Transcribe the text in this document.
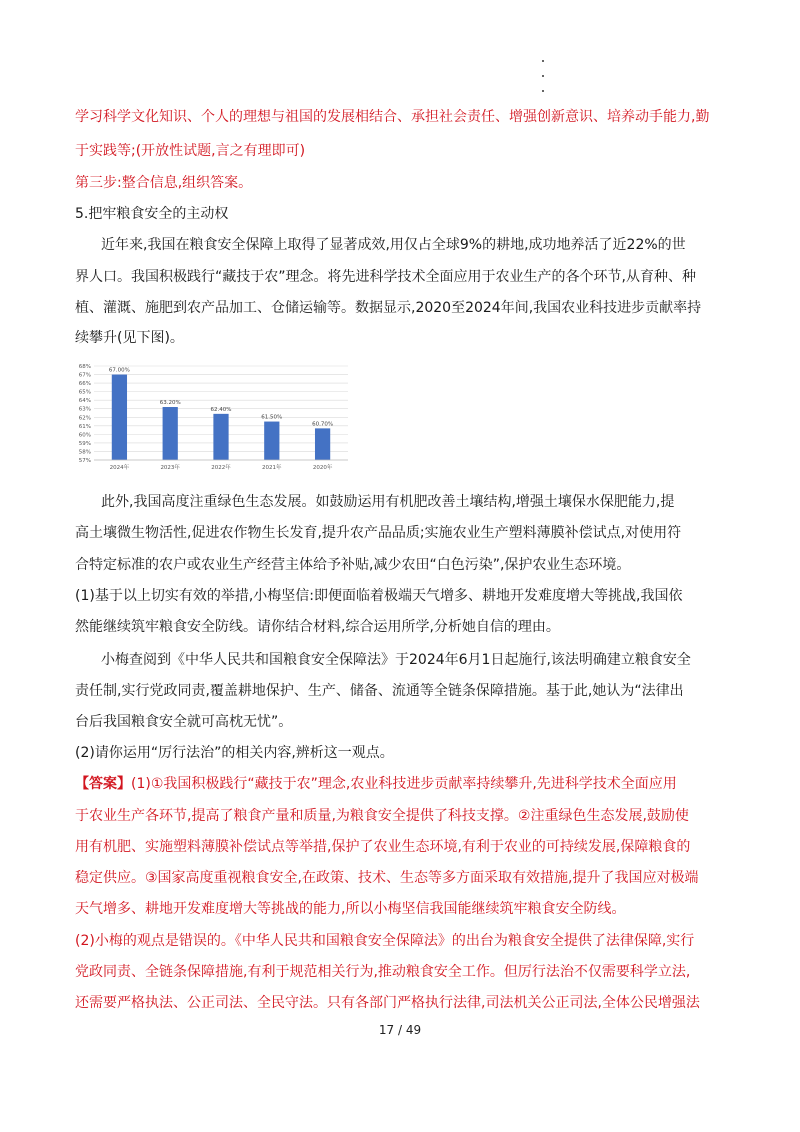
学习科学文化知识、个人的理想与祖国的发展相结合、承担社会责任、增强创新意识、培养动手能力,勤
于实践等;(开放性试题,言之有理即可)
第三步:整合信息,组织答案。
5.把牢粮食安全的主动权
近年来,我国在粮食安全保障上取得了显著成效,用仅占全球9%的耕地,成功地养活了近22%的世
界人口。我国积极践行“藏技于农”理念。将先进科学技术全面应用于农业生产的各个环节,从育种、种
植、灌溉、施肥到农产品加工、仓储运输等。数据显示,2020至2024年间,我国农业科技进步贡献率持
续攀升(见下图)。
57%
58%
59%
60%
61%
62%
63%
64%
65%
66%
67%
68%
67.00%
2024年
63.20%
2023年
62.40%
2022年
61.50%
2021年
60.70%
2020年
此外,我国高度注重绿色生态发展。如鼓励运用有机肥改善土壤结构,增强土壤保水保肥能力,提
高土壤微生物活性,促进农作物生长发育,提升农产品品质;实施农业生产塑料薄膜补偿试点,对使用符
合特定标准的农户或农业生产经营主体给予补贴,减少农田“白色污染”,保护农业生态环境。
(1)基于以上切实有效的举措,小梅坚信:即便面临着极端天气增多、耕地开发难度增大等挑战,我国依
然能继续筑牢粮食安全防线。请你结合材料,综合运用所学,分析她自信的理由。
小梅查阅到《中华人民共和国粮食安全保障法》于2024年6月1日起施行,该法明确建立粮食安全
责任制,实行党政同责,覆盖耕地保护、生产、储备、流通等全链条保障措施。基于此,她认为“法律出
台后我国粮食安全就可高枕无忧”。
(2)请你运用“厉行法治”的相关内容,辨析这一观点。
【答案】(1)①我国积极践行“藏技于农”理念,农业科技进步贡献率持续攀升,先进科学技术全面应用
于农业生产各环节,提高了粮食产量和质量,为粮食安全提供了科技支撑。②注重绿色生态发展,鼓励使
用有机肥、实施塑料薄膜补偿试点等举措,保护了农业生态环境,有利于农业的可持续发展,保障粮食的
稳定供应。③国家高度重视粮食安全,在政策、技术、生态等多方面采取有效措施,提升了我国应对极端
天气增多、耕地开发难度增大等挑战的能力,所以小梅坚信我国能继续筑牢粮食安全防线。
(2)小梅的观点是错误的。《中华人民共和国粮食安全保障法》的出台为粮食安全提供了法律保障,实行
党政同责、全链条保障措施,有利于规范相关行为,推动粮食安全工作。但厉行法治不仅需要科学立法,
还需要严格执法、公正司法、全民守法。只有各部门严格执行法律,司法机关公正司法,全体公民增强法
17 / 49
